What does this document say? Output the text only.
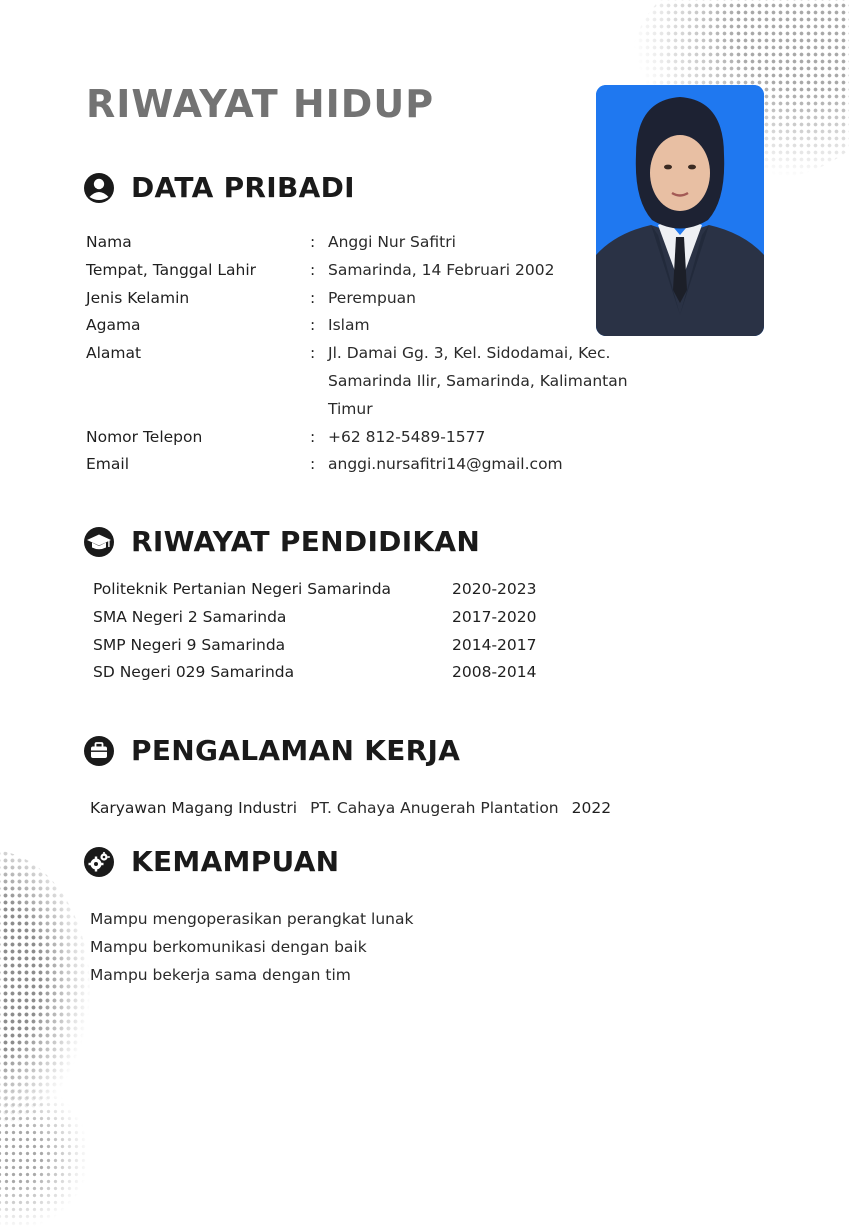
RIWAYAT HIDUP
DATA PRIBADI
Nama	: Anggi Nur Safitri
Tempat, Tanggal Lahir	: Samarinda, 14 Februari 2002
Jenis Kelamin	: Perempuan
Agama	: Islam
Alamat	: Jl. Damai Gg. 3, Kel. Sidodamai, Kec. Samarinda Ilir, Samarinda, Kalimantan Timur
Nomor Telepon	: +62 812-5489-1577
Email	: anggi.nursafitri14@gmail.com
RIWAYAT PENDIDIKAN
Politeknik Pertanian Negeri Samarinda	2020-2023
SMA Negeri 2 Samarinda	2017-2020
SMP Negeri 9 Samarinda	2014-2017
SD Negeri 029 Samarinda	2008-2014
PENGALAMAN KERJA
Karyawan Magang Industri PT. Cahaya Anugerah Plantation 2022
KEMAMPUAN
Mampu mengoperasikan perangkat lunak
Mampu berkomunikasi dengan baik
Mampu bekerja sama dengan tim
